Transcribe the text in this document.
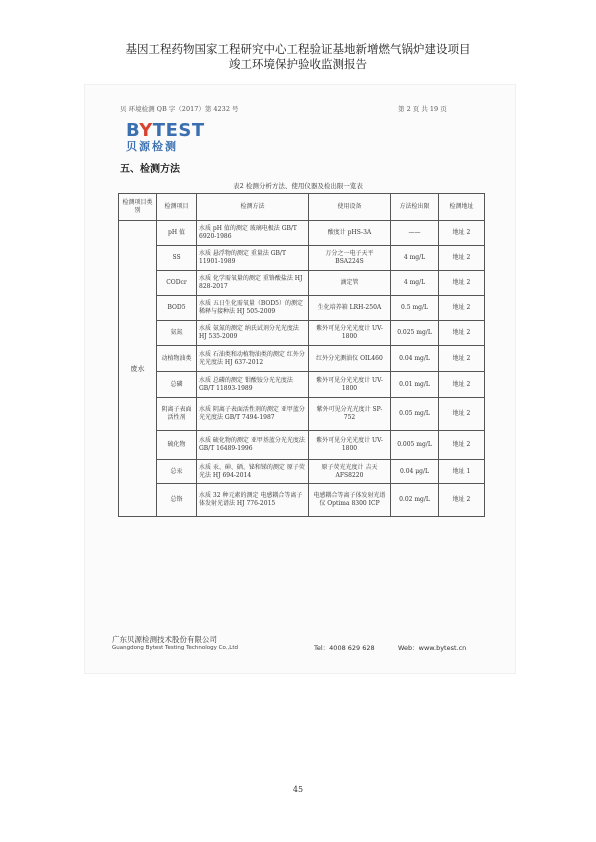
基因工程药物国家工程研究中心工程验证基地新增燃气锅炉建设项目
竣工环境保护验收监测报告
贝 环境检测 QB 字（2017）第 4232 号	第 2 页 共 19 页
BYTEST
贝源检测
五、检测方法
表2 检测分析方法、使用仪器及检出限一览表
检测项目类别	检测项目	检测方法	使用设备	方法检出限	检测地址
废水	pH 值	水质 pH 值的测定 玻璃电极法 GB/T 6920-1986	酸度计 pHS-3A	——	地址 2
	SS	水质 悬浮物的测定 重量法 GB/T 11901-1989	万分之一电子天平 BSA224S	4 mg/L	地址 2
	CODcr	水质 化学需氧量的测定 重铬酸盐法 HJ 828-2017	滴定管	4 mg/L	地址 2
	BOD5	水质 五日生化需氧量（BOD5）的测定 稀释与接种法 HJ 505-2009	生化培养箱 LRH-250A	0.5 mg/L	地址 2
	氨氮	水质 氨氮的测定 纳氏试剂分光光度法 HJ 535-2009	紫外可见分光光度计 UV-1800	0.025 mg/L	地址 2
	动植物油类	水质 石油类和动植物油类的测定 红外分光光度法 HJ 637-2012	红外分光测油仪 OIL460	0.04 mg/L	地址 2
	总磷	水质 总磷的测定 钼酸铵分光光度法 GB/T 11893-1989	紫外可见分光光度计 UV-1800	0.01 mg/L	地址 2
	阴离子表面活性剂	水质 阴离子表面活性剂的测定 亚甲蓝分光光度法 GB/T 7494-1987	紫外可见分光光度计 SP-752	0.05 mg/L	地址 2
	硫化物	水质 硫化物的测定 亚甲基蓝分光光度法 GB/T 16489-1996	紫外可见分光光度计 UV-1800	0.005 mg/L	地址 2
	总汞	水质 汞、砷、硒、铋和锑的测定 原子荧光法 HJ 694-2014	原子荧光光度计 吉天 AFS8220	0.04 μg/L	地址 1
	总铬	水质 32 种元素的测定 电感耦合等离子体发射光谱法 HJ 776-2015	电感耦合等离子体发射光谱仪 Optima 8300 ICP	0.02 mg/L	地址 2
广东贝源检测技术股份有限公司
Guangdong Bytest Testing Technology Co.,Ltd	Tel：4008 629 628	Web：www.bytest.cn
45
